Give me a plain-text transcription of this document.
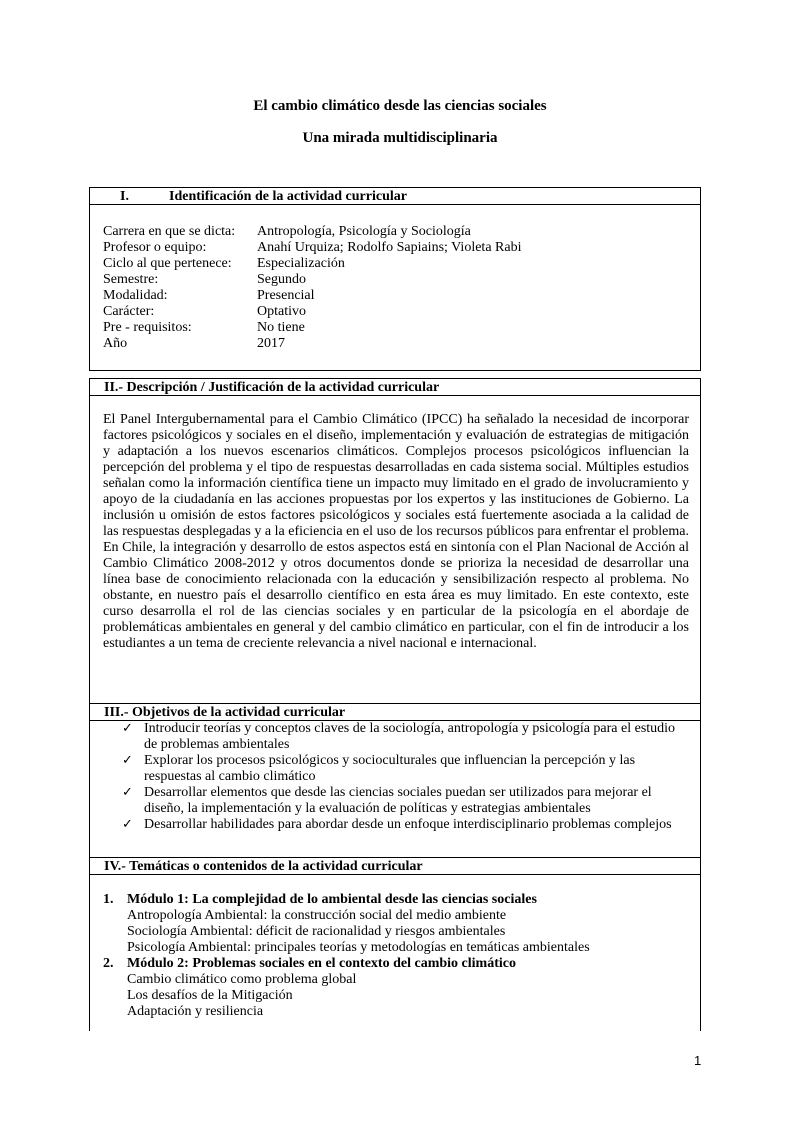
El cambio climático desde las ciencias sociales
Una mirada multidisciplinaria
I.	Identificación de la actividad curricular
Carrera en que se dicta: Antropología, Psicología y Sociología
Profesor o equipo:	Anahí Urquiza; Rodolfo Sapiains; Violeta Rabi
Ciclo al que pertenece: Especialización
Semestre:	Segundo
Modalidad:	Presencial
Carácter:	Optativo
Pre - requisitos:	No tiene
Año	2017
II.- Descripción / Justificación de la actividad curricular

El Panel Intergubernamental para el Cambio Climático (IPCC) ha señalado la necesidad de incorporar factores psicológicos y sociales en el diseño, implementación y evaluación de estrategias de mitigación y adaptación a los nuevos escenarios climáticos. Complejos procesos psicológicos influencian la percepción del problema y el tipo de respuestas desarrolladas en cada sistema social. Múltiples estudios señalan como la información científica tiene un impacto muy limitado en el grado de involucramiento y apoyo de la ciudadanía en las acciones propuestas por los expertos y las instituciones de Gobierno. La inclusión u omisión de estos factores psicológicos y sociales está fuertemente asociada a la calidad de las respuestas desplegadas y a la eficiencia en el uso de los recursos públicos para enfrentar el problema. En Chile, la integración y desarrollo de estos aspectos está en sintonía con el Plan Nacional de Acción al Cambio Climático 2008-2012 y otros documentos donde se prioriza la necesidad de desarrollar una línea base de conocimiento relacionada con la educación y sensibilización respecto al problema. No obstante, en nuestro país el desarrollo científico en esta área es muy limitado. En este contexto, este curso desarrolla el rol de las ciencias sociales y en particular de la psicología en el abordaje de problemáticas ambientales en general y del cambio climático en particular, con el fin de introducir a los estudiantes a un tema de creciente relevancia a nivel nacional e internacional.

III.- Objetivos de la actividad curricular
✓ Introducir teorías y conceptos claves de la sociología, antropología y psicología para el estudio de problemas ambientales
✓ Explorar los procesos psicológicos y socioculturales que influencian la percepción y las respuestas al cambio climático
✓ Desarrollar elementos que desde las ciencias sociales puedan ser utilizados para mejorar el diseño, la implementación y la evaluación de políticas y estrategias ambientales
✓ Desarrollar habilidades para abordar desde un enfoque interdisciplinario problemas complejos
IV.- Temáticas o contenidos de la actividad curricular
1. Módulo 1: La complejidad de lo ambiental desde las ciencias sociales
Antropología Ambiental: la construcción social del medio ambiente
Sociología Ambiental: déficit de racionalidad y riesgos ambientales
Psicología Ambiental: principales teorías y metodologías en temáticas ambientales
2. Módulo 2: Problemas sociales en el contexto del cambio climático
Cambio climático como problema global
Los desafíos de la Mitigación
Adaptación y resiliencia
1
